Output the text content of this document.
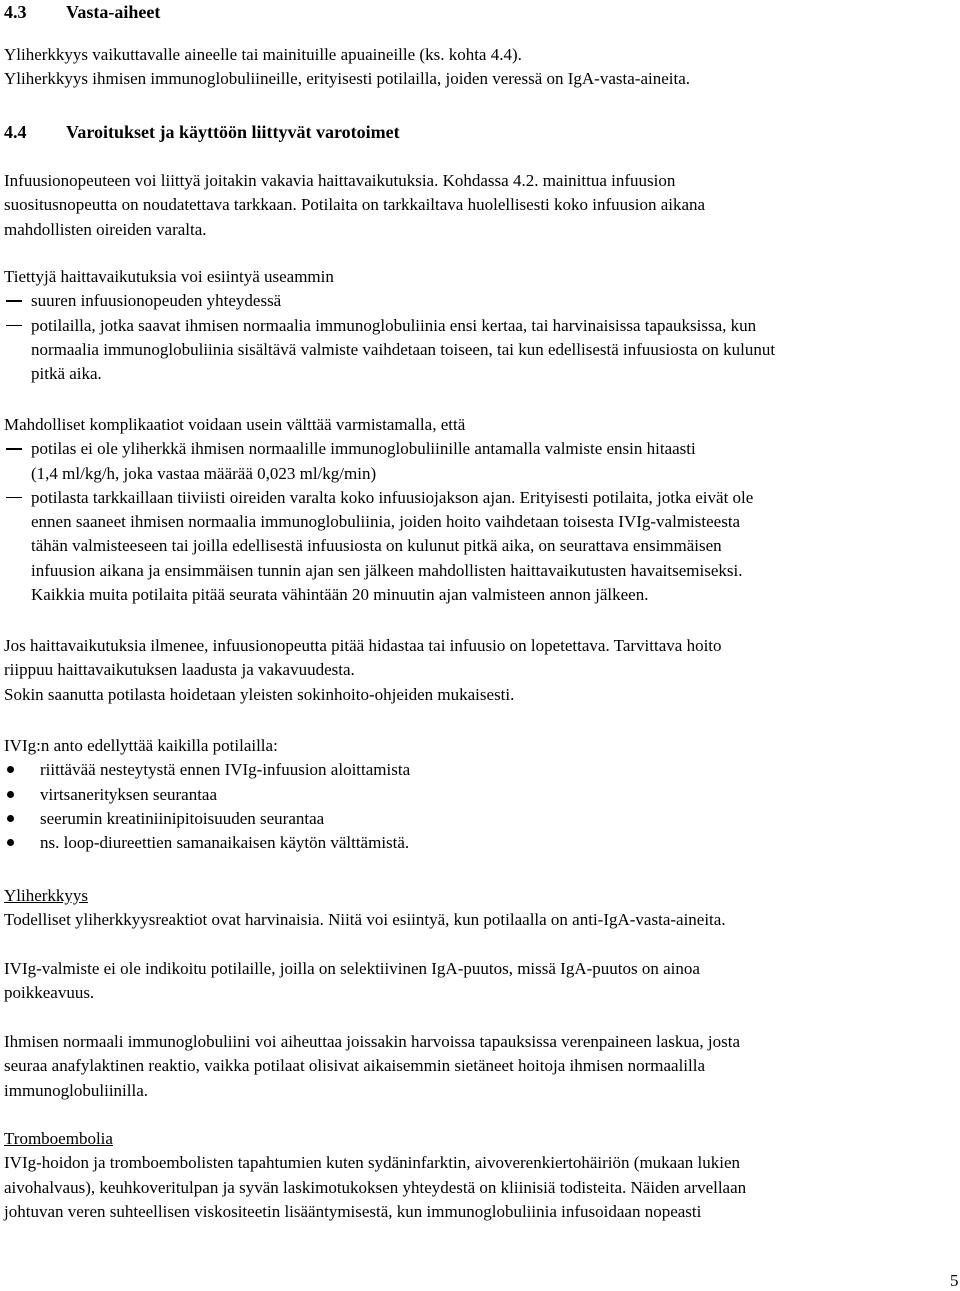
4.3 Vasta-aiheet

Yliherkkyys vaikuttavalle aineelle tai mainituille apuaineille (ks. kohta 4.4).

Yliherkkyys ihmisen immunoglobuliineille, erityisesti potilailla, joiden veressä on IgA-vasta-aineita.

4.4 Varoitukset ja käyttöön liittyvät varotoimet

Infuusionopeuteen voi liittyä joitakin vakavia haittavaikutuksia. Kohdassa 4.2. mainittua infuusion

suositusnopeutta on noudatettava tarkkaan. Potilaita on tarkkailtava huolellisesti koko infuusion aikana

mahdollisten oireiden varalta.

Tiettyjä haittavaikutuksia voi esiintyä useammin

suuren infuusionopeuden yhteydessä

potilailla, jotka saavat ihmisen normaalia immunoglobuliinia ensi kertaa, tai harvinaisissa tapauksissa, kun

normaalia immunoglobuliinia sisältävä valmiste vaihdetaan toiseen, tai kun edellisestä infuusiosta on kulunut

pitkä aika.

Mahdolliset komplikaatiot voidaan usein välttää varmistamalla, että

potilas ei ole yliherkkä ihmisen normaalille immunoglobuliinille antamalla valmiste ensin hitaasti

(1,4 ml/kg/h, joka vastaa määrää 0,023 ml/kg/min)

potilasta tarkkaillaan tiiviisti oireiden varalta koko infuusiojakson ajan. Erityisesti potilaita, jotka eivät ole

ennen saaneet ihmisen normaalia immunoglobuliinia, joiden hoito vaihdetaan toisesta IVIg-valmisteesta

tähän valmisteeseen tai joilla edellisestä infuusiosta on kulunut pitkä aika, on seurattava ensimmäisen

infuusion aikana ja ensimmäisen tunnin ajan sen jälkeen mahdollisten haittavaikutusten havaitsemiseksi.

Kaikkia muita potilaita pitää seurata vähintään 20 minuutin ajan valmisteen annon jälkeen.

Jos haittavaikutuksia ilmenee, infuusionopeutta pitää hidastaa tai infuusio on lopetettava. Tarvittava hoito

riippuu haittavaikutuksen laadusta ja vakavuudesta.

Sokin saanutta potilasta hoidetaan yleisten sokinhoito-ohjeiden mukaisesti.

IVIg:n anto edellyttää kaikilla potilailla:

riittävää nesteytystä ennen IVIg-infuusion aloittamista

virtsanerityksen seurantaa

seerumin kreatiniinipitoisuuden seurantaa

ns. loop-diureettien samanaikaisen käytön välttämistä.

Yliherkkyys

Todelliset yliherkkyysreaktiot ovat harvinaisia. Niitä voi esiintyä, kun potilaalla on anti-IgA-vasta-aineita.

IVIg-valmiste ei ole indikoitu potilaille, joilla on selektiivinen IgA-puutos, missä IgA-puutos on ainoa

poikkeavuus.

Ihmisen normaali immunoglobuliini voi aiheuttaa joissakin harvoissa tapauksissa verenpaineen laskua, josta

seuraa anafylaktinen reaktio, vaikka potilaat olisivat aikaisemmin sietäneet hoitoja ihmisen normaalilla

immunoglobuliinilla.

Tromboembolia

IVIg-hoidon ja tromboembolisten tapahtumien kuten sydäninfarktin, aivoverenkiertohäiriön (mukaan lukien

aivohalvaus), keuhkoveritulpan ja syvän laskimotukoksen yhteydestä on kliinisiä todisteita. Näiden arvellaan

johtuvan veren suhteellisen viskositeetin lisääntymisestä, kun immunoglobuliinia infusoidaan nopeasti

5
